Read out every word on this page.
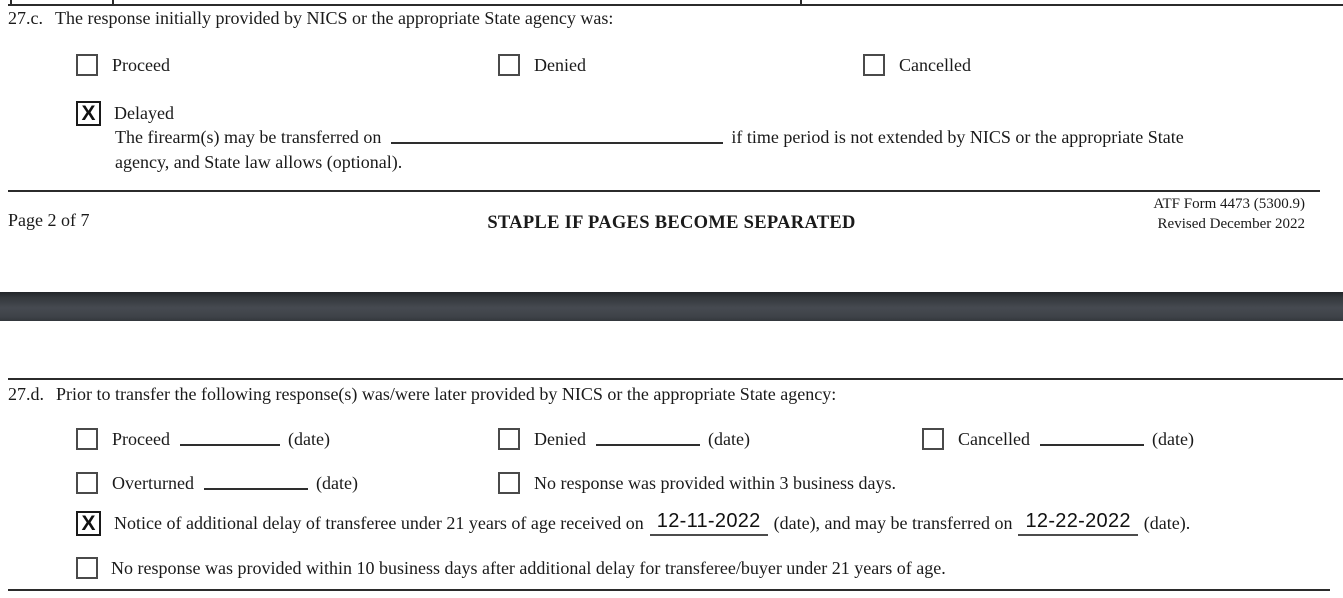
27.c. The response initially provided by NICS or the appropriate State agency was:
Proceed	Denied	Cancelled
X	Delayed
The firearm(s) may be transferred on	if time period is not extended by NICS or the appropriate State
agency, and State law allows (optional).
Page 2 of 7	STAPLE IF PAGES BECOME SEPARATED
ATF Form 4473 (5300.9)
Revised December 2022
27.d. Prior to transfer the following response(s) was/were later provided by NICS or the appropriate State agency:
Proceed	(date)	Denied	(date)	Cancelled	(date)
Overturned	(date)	No response was provided within 3 business days.
X	Notice of additional delay of transferee under 21 years of age received on 12-11-2022 (date), and may be transferred on 12-22-2022 (date).
No response was provided within 10 business days after additional delay for transferee/buyer under 21 years of age.
